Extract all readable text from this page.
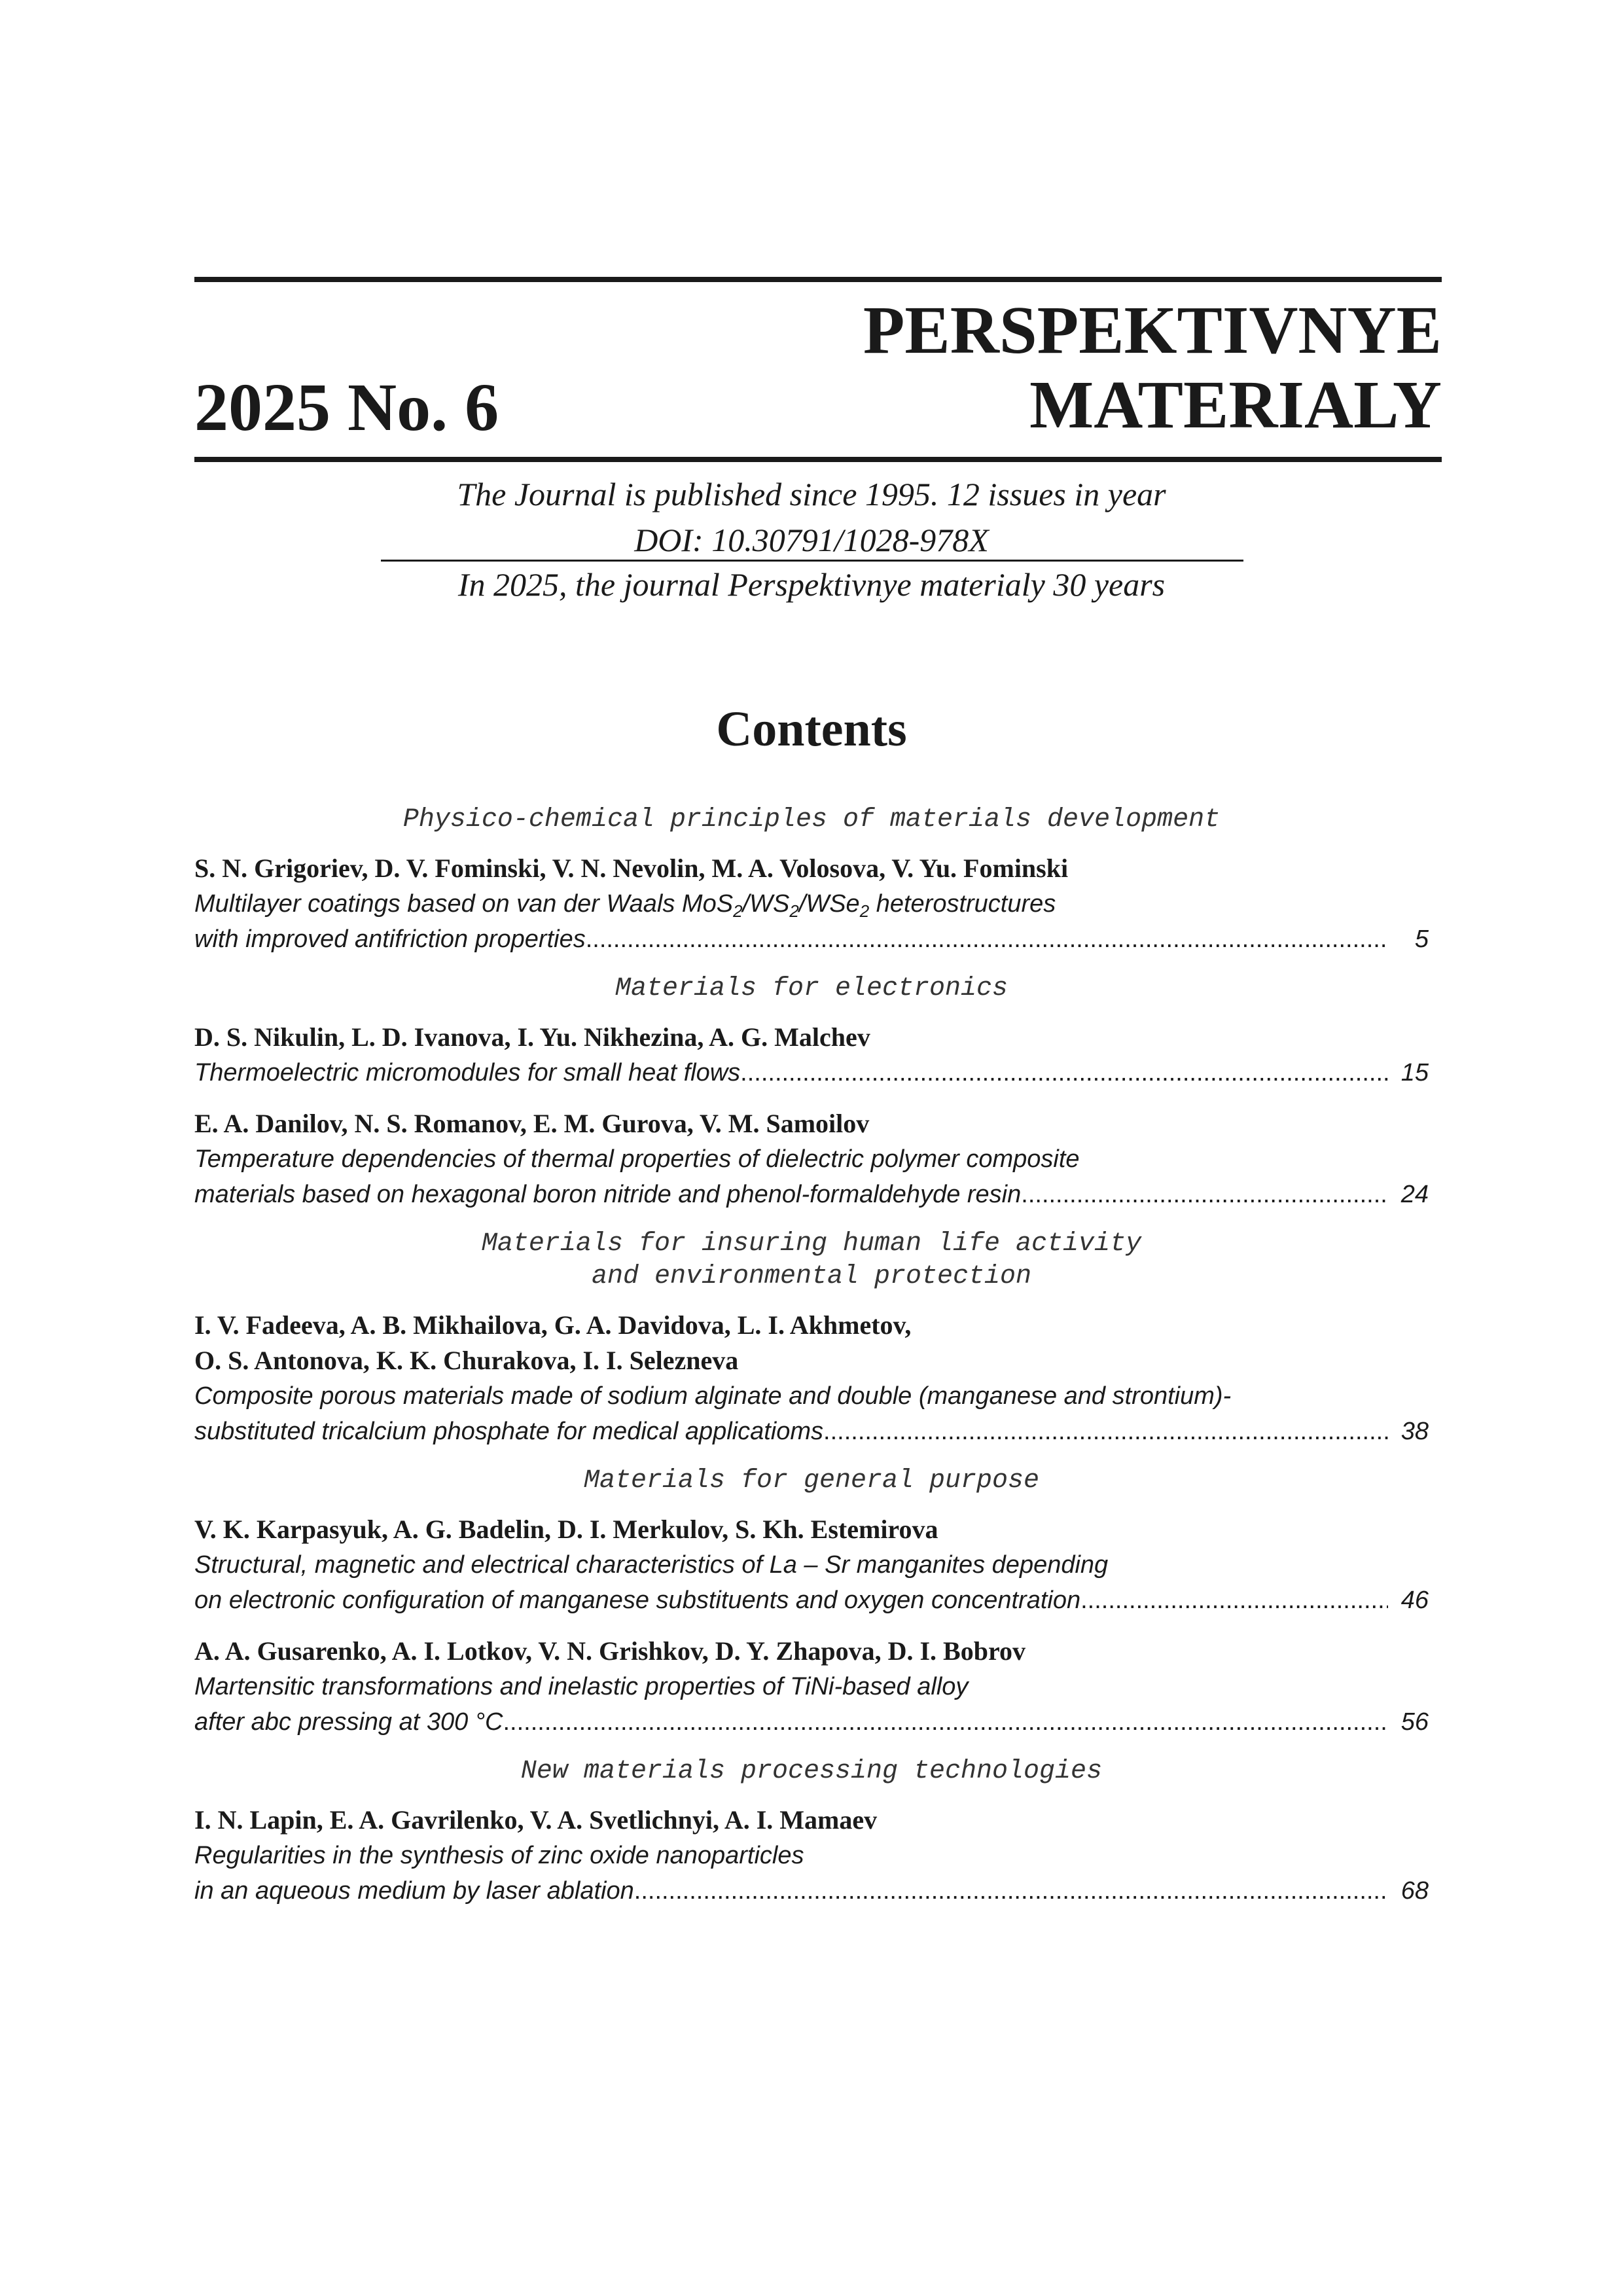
PERSPEKTIVNYE
MATERIALY
2025 No. 6
The Journal is published since 1995. 12 issues in year
DOI: 10.30791/1028-978X
In 2025, the journal Perspektivnye materialy 30 years
Contents
Physico-chemical principles of materials development
S. N. Grigoriev, D. V. Fominski, V. N. Nevolin, M. A. Volosova, V. Yu. Fominski
Multilayer coatings based on van der Waals $MoS_2/WS_2/WSe_2$ heterostructures
with improved antifriction properties .....	5
Materials for electronics
D. S. Nikulin, L. D. Ivanova, I. Yu. Nikhezina, A. G. Malchev
Thermoelectric micromodules for small heat flows .....	15
E. A. Danilov, N. S. Romanov, E. M. Gurova, V. M. Samoilov
Temperature dependencies of thermal properties of dielectric polymer composite
materials based on hexagonal boron nitride and phenol-formaldehyde resin .....	24
Materials for insuring human life activity
and environmental protection
I. V. Fadeeva, A. B. Mikhailova, G. A. Davidova, L. I. Akhmetov,
O. S. Antonova, K. K. Churakova, I. I. Selezneva
Composite porous materials made of sodium alginate and double (manganese and strontium)-
substituted tricalcium phosphate for medical applicatioms .....	38
Materials for general purpose
V. K. Karpasyuk, A. G. Badelin, D. I. Merkulov, S. Kh. Estemirova
Structural, magnetic and electrical characteristics of La – Sr manganites depending
on electronic configuration of manganese substituents and oxygen concentration .....	46
A. A. Gusarenko, A. I. Lotkov, V. N. Grishkov, D. Y. Zhapova, D. I. Bobrov
Martensitic transformations and inelastic properties of TiNi-based alloy
after abc pressing at 300 °C .....	56
New materials processing technologies
I. N. Lapin, E. A. Gavrilenko, V. A. Svetlichnyi, A. I. Mamaev
Regularities in the synthesis of zinc oxide nanoparticles
in an aqueous medium by laser ablation .....	68
